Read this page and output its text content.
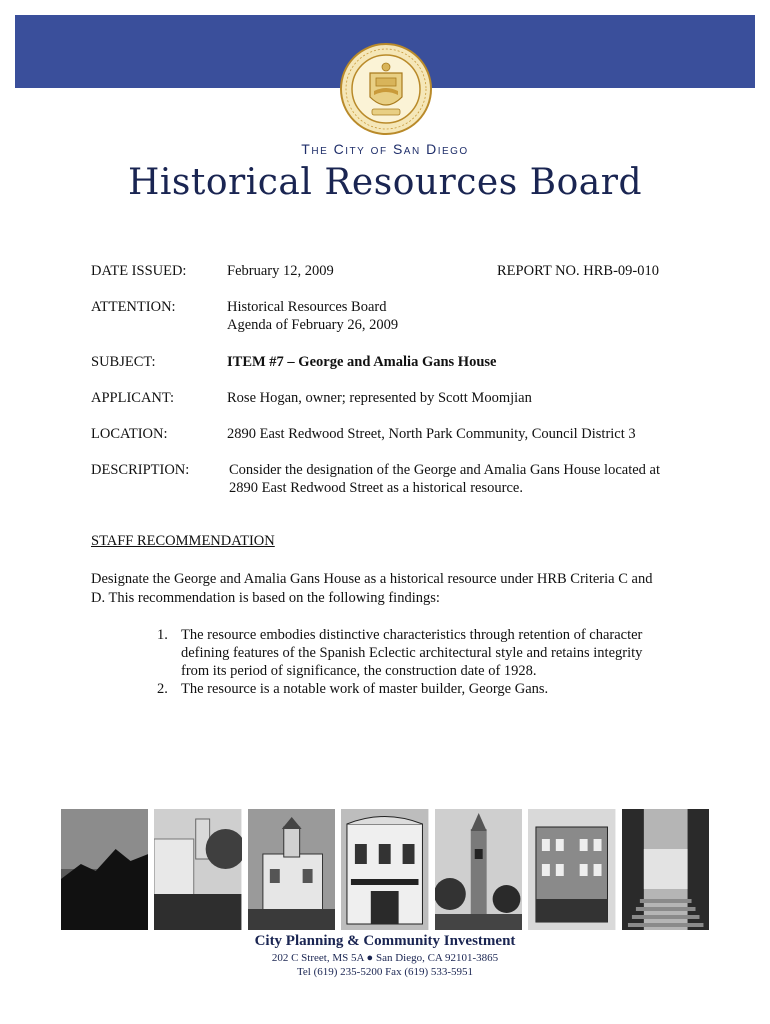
The City of San Diego
Historical Resources Board
DATE ISSUED:	February 12, 2009	REPORT NO. HRB-09-010
ATTENTION:	Historical Resources Board
Agenda of February 26, 2009
SUBJECT:	ITEM #7 – George and Amalia Gans House
APPLICANT:	Rose Hogan, owner; represented by Scott Moomjian
LOCATION:	2890 East Redwood Street, North Park Community, Council District 3
DESCRIPTION:	Consider the designation of the George and Amalia Gans House located at
2890 East Redwood Street as a historical resource.
STAFF RECOMMENDATION
Designate the George and Amalia Gans House as a historical resource under HRB Criteria C and
D. This recommendation is based on the following findings:
1. The resource embodies distinctive characteristics through retention of character
defining features of the Spanish Eclectic architectural style and retains integrity
from its period of significance, the construction date of 1928.
2. The resource is a notable work of master builder, George Gans.
City Planning & Community Investment
202 C Street, MS 5A ● San Diego, CA 92101-3865
Tel (619) 235-5200 Fax (619) 533-5951
